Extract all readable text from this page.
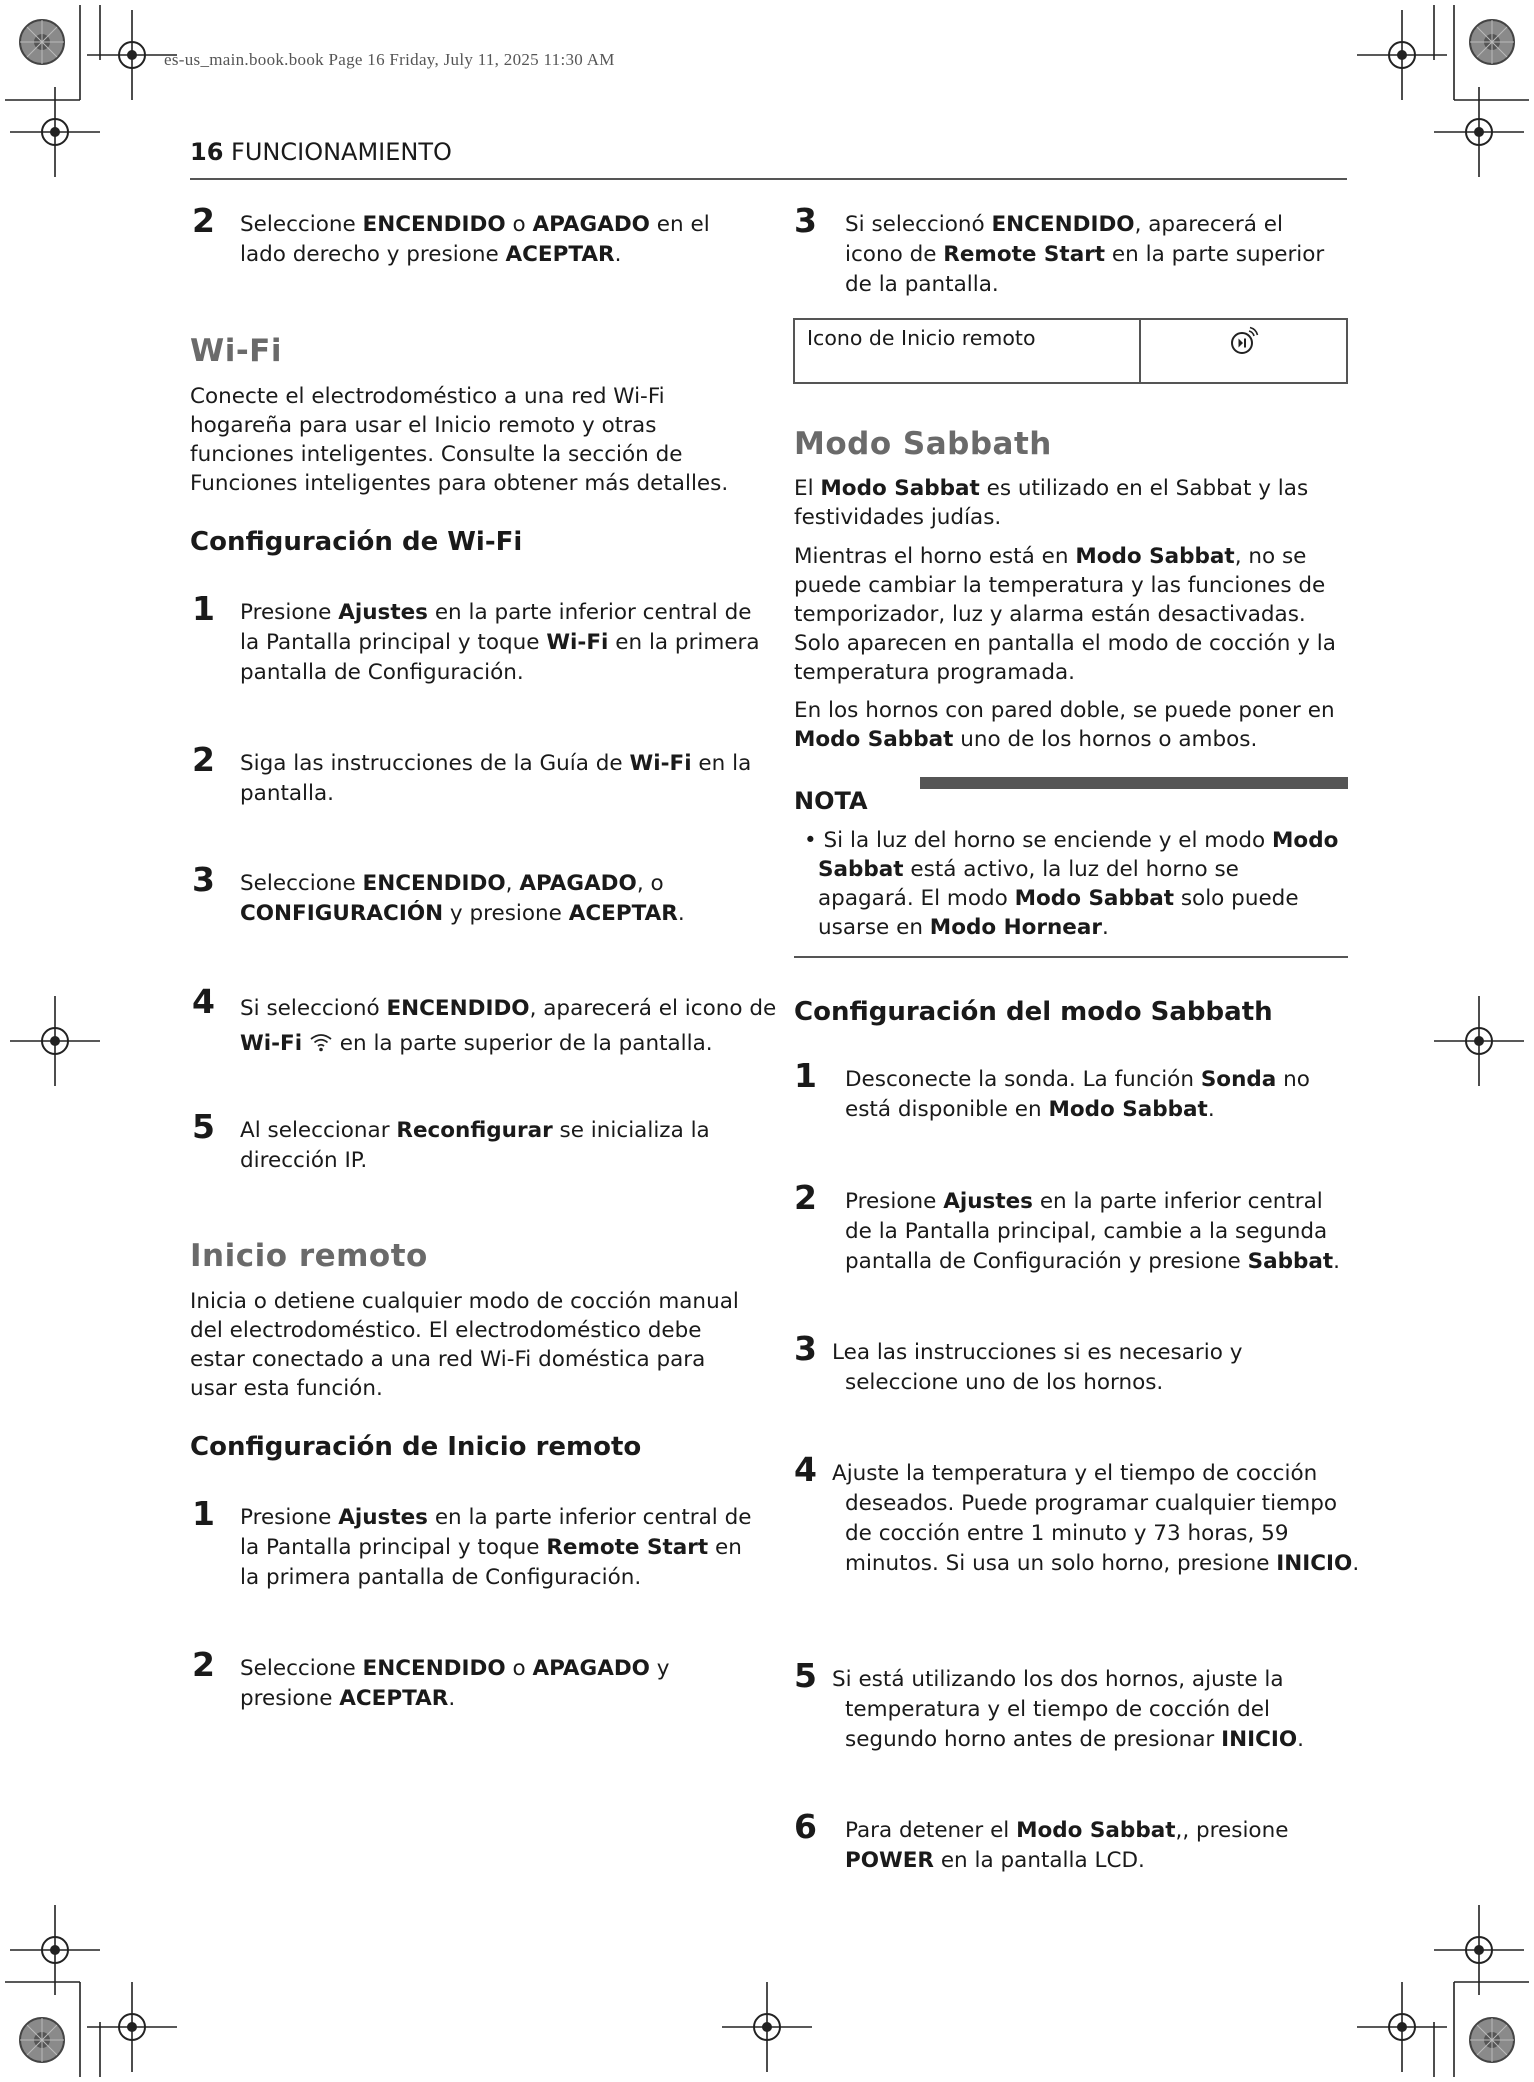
es-us_main.book.book Page 16 Friday, July 11, 2025 11:30 AM
16 FUNCIONAMIENTO
2 Seleccione ENCENDIDO o APAGADO en el lado derecho y presione ACEPTAR.
Wi-Fi
Conecte el electrodoméstico a una red Wi-Fi hogareña para usar el Inicio remoto y otras funciones inteligentes. Consulte la sección de Funciones inteligentes para obtener más detalles.
Configuración de Wi-Fi
1 Presione Ajustes en la parte inferior central de la Pantalla principal y toque Wi-Fi en la primera pantalla de Configuración.
2 Siga las instrucciones de la Guía de Wi-Fi en la pantalla.
3 Seleccione ENCENDIDO, APAGADO, o CONFIGURACIÓN y presione ACEPTAR.
4 Si seleccionó ENCENDIDO, aparecerá el icono de Wi-Fi  en la parte superior de la pantalla.
5 Al seleccionar Reconfigurar se inicializa la dirección IP.
Inicio remoto
Inicia o detiene cualquier modo de cocción manual del electrodoméstico. El electrodoméstico debe estar conectado a una red Wi-Fi doméstica para usar esta función.
Configuración de Inicio remoto
1 Presione Ajustes en la parte inferior central de la Pantalla principal y toque Remote Start en la primera pantalla de Configuración.
2 Seleccione ENCENDIDO o APAGADO y presione ACEPTAR.
3 Si seleccionó ENCENDIDO, aparecerá el icono de Remote Start en la parte superior de la pantalla.
Icono de Inicio remoto	
Modo Sabbath
El Modo Sabbat es utilizado en el Sabbat y las festividades judías.
Mientras el horno está en Modo Sabbat, no se puede cambiar la temperatura y las funciones de temporizador, luz y alarma están desactivadas. Solo aparecen en pantalla el modo de cocción y la temperatura programada.
En los hornos con pared doble, se puede poner en Modo Sabbat uno de los hornos o ambos.
NOTA
• Si la luz del horno se enciende y el modo Modo Sabbat está activo, la luz del horno se apagará. El modo Modo Sabbat solo puede usarse en Modo Hornear.
Configuración del modo Sabbath
1 Desconecte la sonda. La función Sonda no está disponible en Modo Sabbat.
2 Presione Ajustes en la parte inferior central de la Pantalla principal, cambie a la segunda pantalla de Configuración y presione Sabbat.
3 Lea las instrucciones si es necesario y seleccione uno de los hornos.
4 Ajuste la temperatura y el tiempo de cocción deseados. Puede programar cualquier tiempo de cocción entre 1 minuto y 73 horas, 59 minutos. Si usa un solo horno, presione INICIO.
5 Si está utilizando los dos hornos, ajuste la temperatura y el tiempo de cocción del segundo horno antes de presionar INICIO.
6 Para detener el Modo Sabbat,, presione POWER en la pantalla LCD.
